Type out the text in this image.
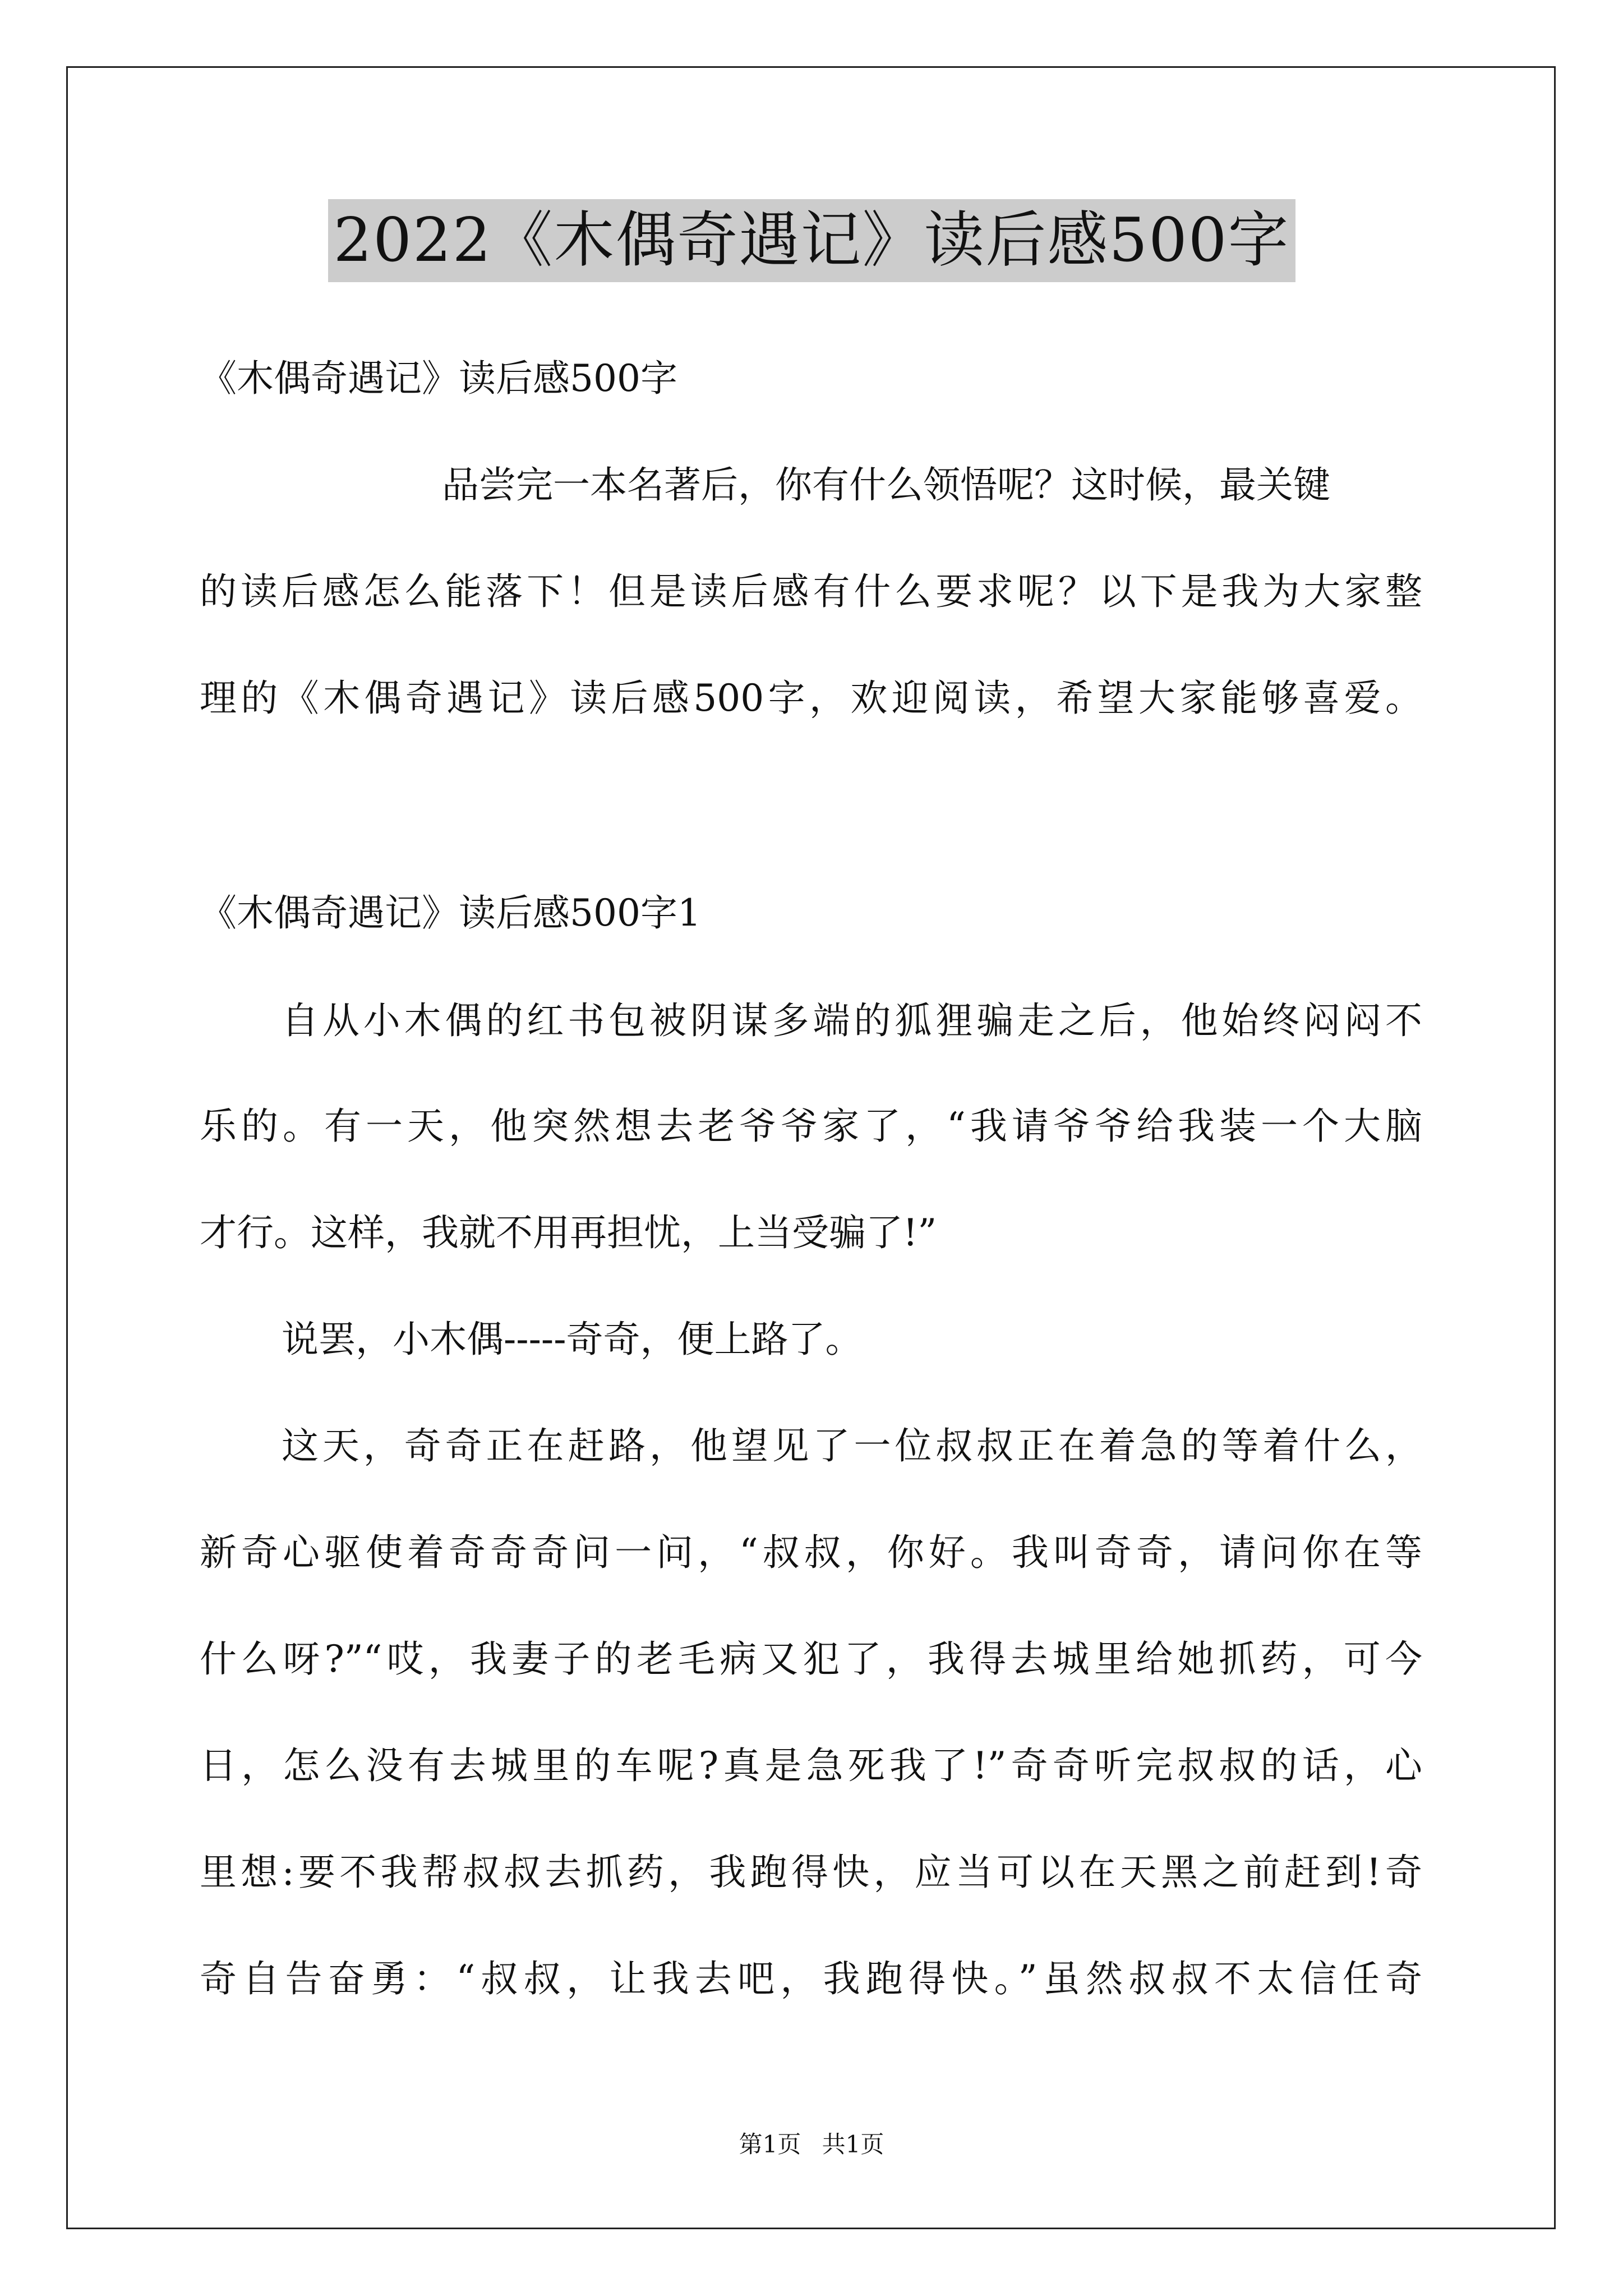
2022《木偶奇遇记》读后感500字
《木偶奇遇记》读后感500字
品尝完一本名著后，你有什么领悟呢？这时候，最关键
的读后感怎么能落下！但是读后感有什么要求呢？以下是我为大家整
理的《木偶奇遇记》读后感500字，欢迎阅读，希望大家能够喜爱。
《木偶奇遇记》读后感500字1
自从小木偶的红书包被阴谋多端的狐狸骗走之后，他始终闷闷不
乐的。有一天，他突然想去老爷爷家了，“我请爷爷给我装一个大脑
才行。这样，我就不用再担忧，上当受骗了!”
说罢，小木偶-----奇奇，便上路了。
这天，奇奇正在赶路，他望见了一位叔叔正在着急的等着什么，
新奇心驱使着奇奇奇问一问，“叔叔，你好。我叫奇奇，请问你在等
什么呀?”“哎，我妻子的老毛病又犯了，我得去城里给她抓药，可今
日，怎么没有去城里的车呢?真是急死我了!”奇奇听完叔叔的话，心
里想:要不我帮叔叔去抓药，我跑得快，应当可以在天黑之前赶到!奇
奇自告奋勇：“叔叔，让我去吧，我跑得快。”虽然叔叔不太信任奇
第1页 共1页
